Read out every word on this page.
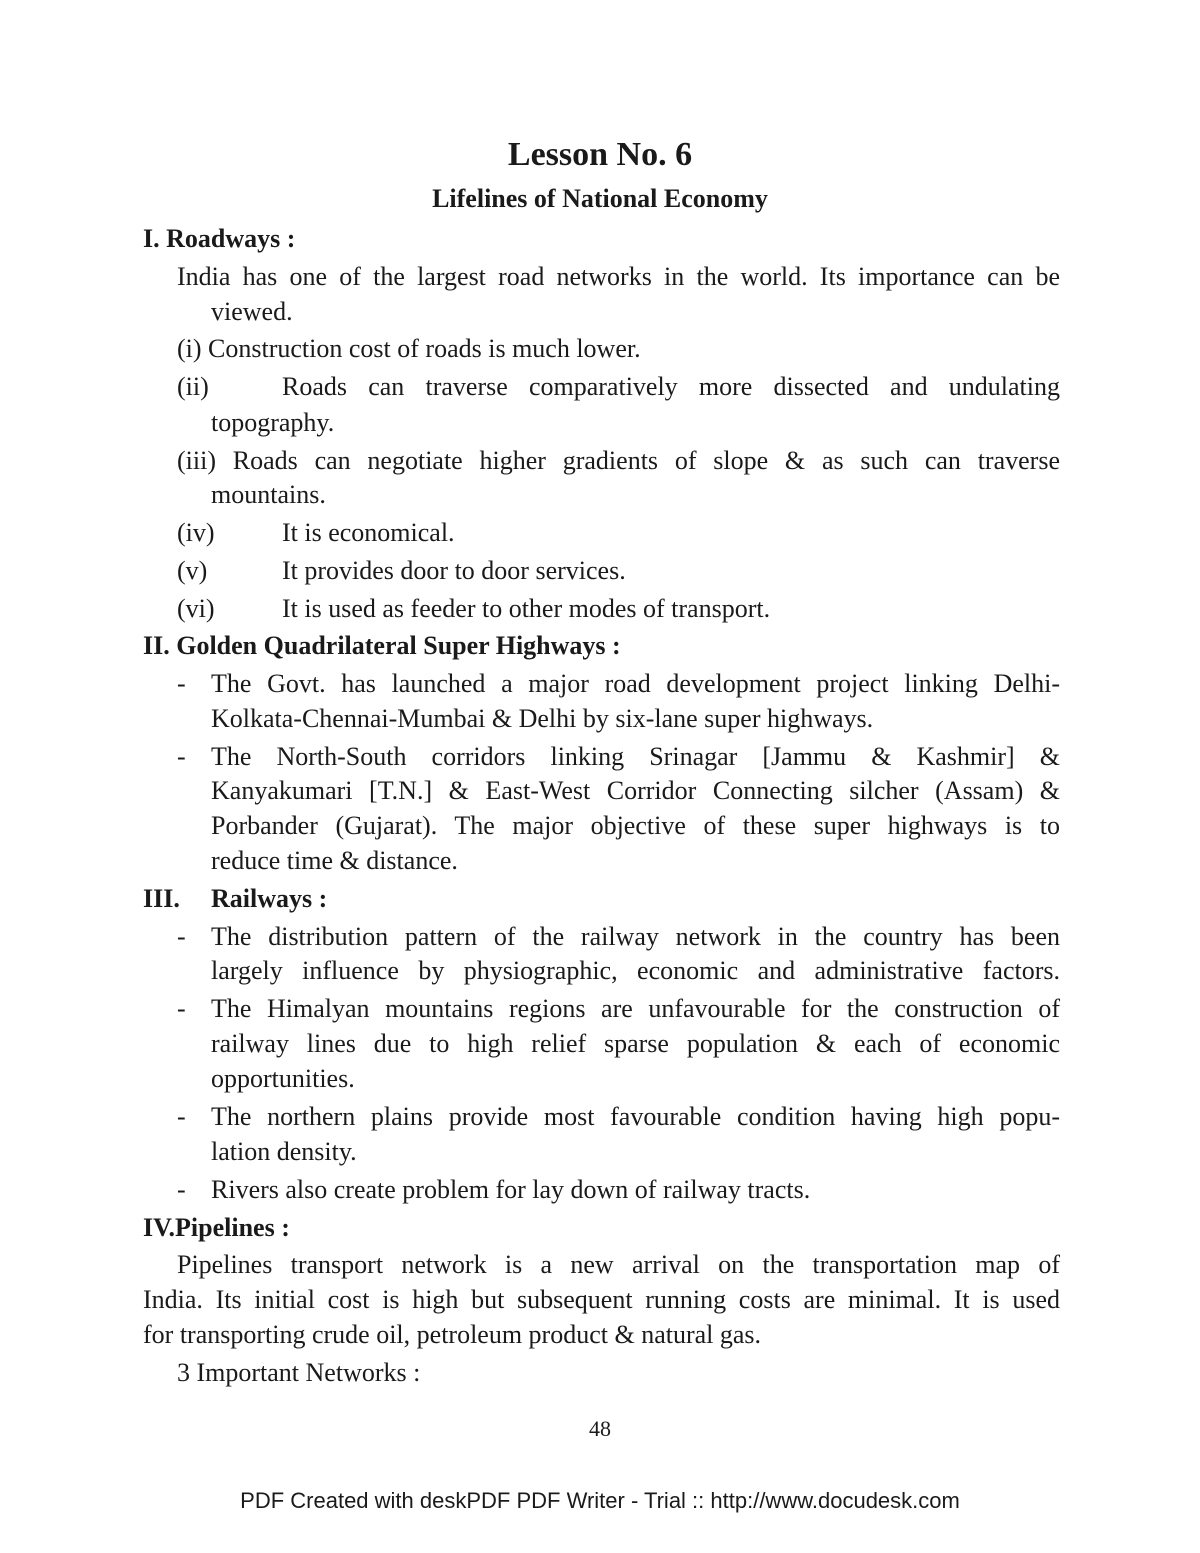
Lesson No. 6
Lifelines of National Economy
I. Roadways :
India has one of the largest road networks in the world. Its importance can be
viewed.
(i) Construction cost of roads is much lower.
(ii)	Roads can traverse comparatively more dissected and undulating
topography.
(iii) Roads can negotiate higher gradients of slope & as such can traverse
mountains.
(iv)	It is economical.
(v)	It provides door to door services.
(vi)	It is used as feeder to other modes of transport.
II. Golden Quadrilateral Super Highways :
- The Govt. has launched a major road development project linking Delhi-
Kolkata-Chennai-Mumbai & Delhi by six-lane super highways.
- The North-South corridors linking Srinagar [Jammu & Kashmir] &
Kanyakumari [T.N.] & East-West Corridor Connecting silcher (Assam) &
Porbander (Gujarat). The major objective of these super highways is to
reduce time & distance.
III. Railways :
- The distribution pattern of the railway network in the country has been
largely influence by physiographic, economic and administrative factors.
- The Himalyan mountains regions are unfavourable for the construction of
railway lines due to high relief sparse population & each of economic
opportunities.
- The northern plains provide most favourable condition having high popu-
lation density.
- Rivers also create problem for lay down of railway tracts.
IV.Pipelines :
Pipelines transport network is a new arrival on the transportation map of
India. Its initial cost is high but subsequent running costs are minimal. It is used
for transporting crude oil, petroleum product & natural gas.
3 Important Networks :
48
PDF Created with deskPDF PDF Writer - Trial :: http://www.docudesk.com
